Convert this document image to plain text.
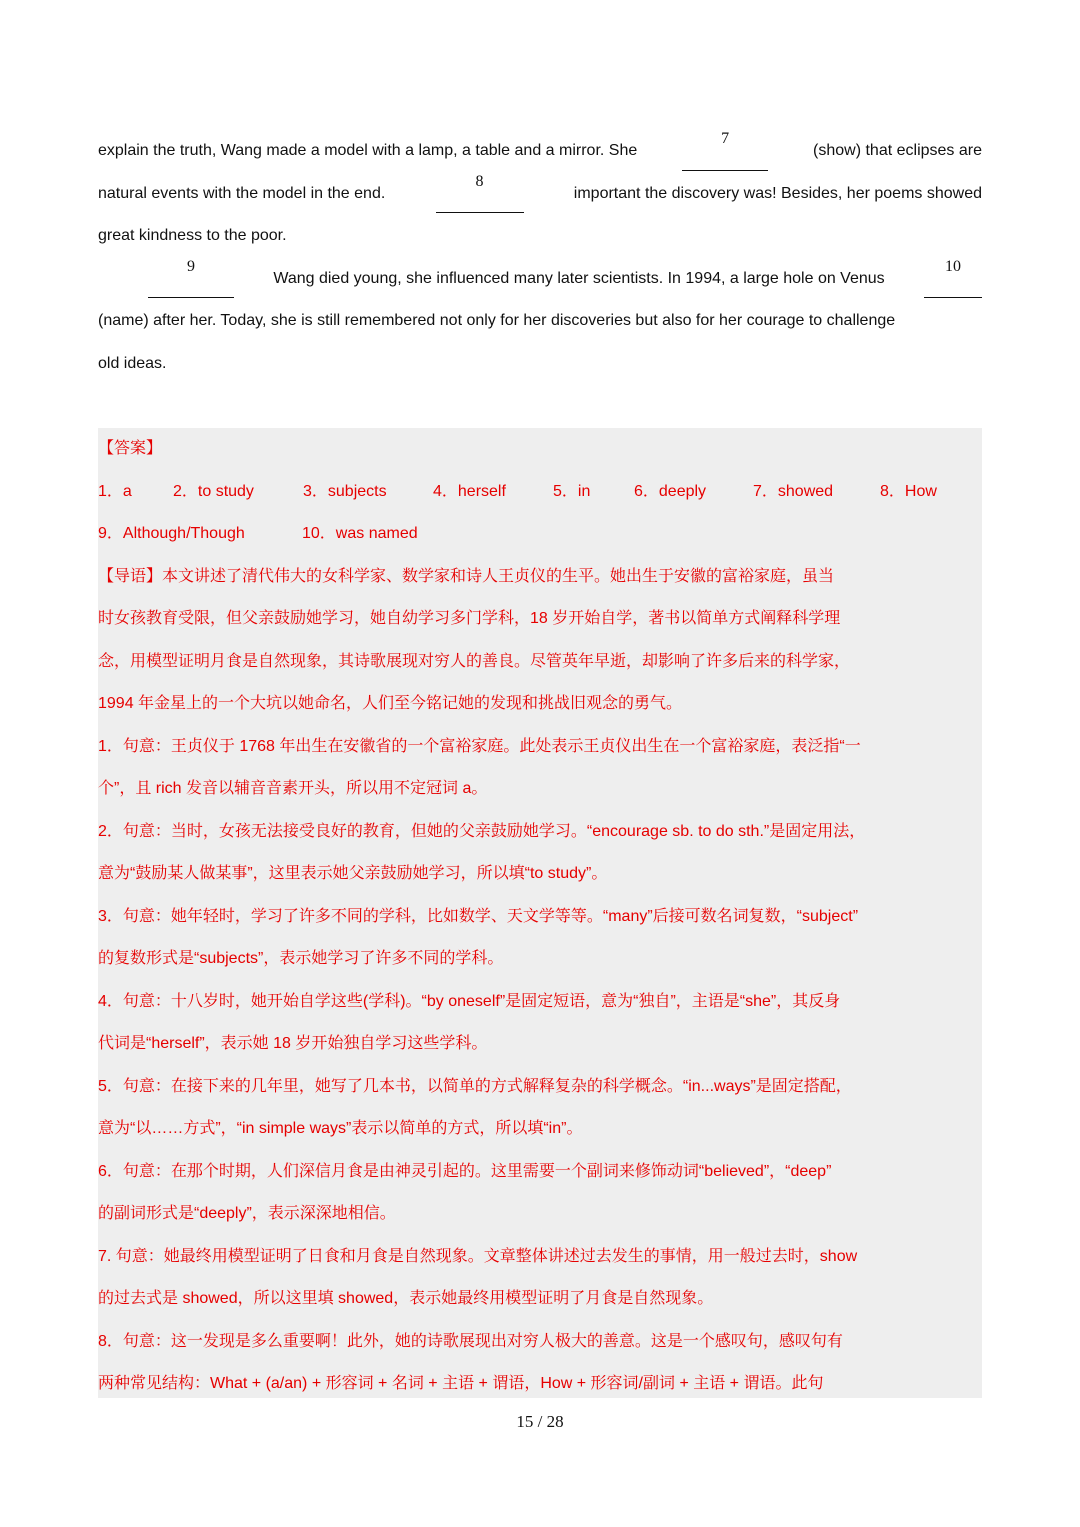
explain the truth, Wang made a model with a lamp, a table and a mirror. She
7
(show) that eclipses are
natural events with the model in the end.
8
important the discovery was! Besides, her poems showed
great kindness to the poor.
9
Wang died young, she influenced many later scientists. In 1994, a large hole on Venus
10
(name) after her. Today, she is still remembered not only for her discoveries but also for her courage to challenge
old ideas.
【答案】
1．a	2．to study	3．subjects	4．herself	5．in	6．deeply	7．showed	8．How
9．Although/Though	10．was named
【导语】本文讲述了清代伟大的女科学家、数学家和诗人王贞仪的生平。她出生于安徽的富裕家庭，虽当
时女孩教育受限，但父亲鼓励她学习，她自幼学习多门学科，18 岁开始自学，著书以简单方式阐释科学理
念，用模型证明月食是自然现象，其诗歌展现对穷人的善良。尽管英年早逝，却影响了许多后来的科学家，
1994 年金星上的一个大坑以她命名，人们至今铭记她的发现和挑战旧观念的勇气。
1．句意：王贞仪于 1768 年出生在安徽省的一个富裕家庭。此处表示王贞仪出生在一个富裕家庭，表泛指“一
个”，且 rich 发音以辅音音素开头，所以用不定冠词 a。
2．句意：当时，女孩无法接受良好的教育，但她的父亲鼓励她学习。“encourage sb. to do sth.”是固定用法，
意为“鼓励某人做某事”，这里表示她父亲鼓励她学习，所以填“to study”。
3．句意：她年轻时，学习了许多不同的学科，比如数学、天文学等等。“many”后接可数名词复数，“subject”
的复数形式是“subjects”，表示她学习了许多不同的学科。
4．句意：十八岁时，她开始自学这些(学科)。“by oneself”是固定短语，意为“独自”，主语是“she”，其反身
代词是“herself”，表示她 18 岁开始独自学习这些学科。
5．句意：在接下来的几年里，她写了几本书，以简单的方式解释复杂的科学概念。“in...ways”是固定搭配，
意为“以……方式”，“in simple ways”表示以简单的方式，所以填“in”。
6．句意：在那个时期，人们深信月食是由神灵引起的。这里需要一个副词来修饰动词“believed”，“deep”
的副词形式是“deeply”，表示深深地相信。
7. 句意：她最终用模型证明了日食和月食是自然现象。文章整体讲述过去发生的事情，用一般过去时，show
的过去式是 showed，所以这里填 showed，表示她最终用模型证明了月食是自然现象。
8．句意：这一发现是多么重要啊！此外，她的诗歌展现出对穷人极大的善意。这是一个感叹句，感叹句有
两种常见结构：What + (a/an) + 形容词 + 名词 + 主语 + 谓语，How + 形容词/副词 + 主语 + 谓语。此句
15 / 28
